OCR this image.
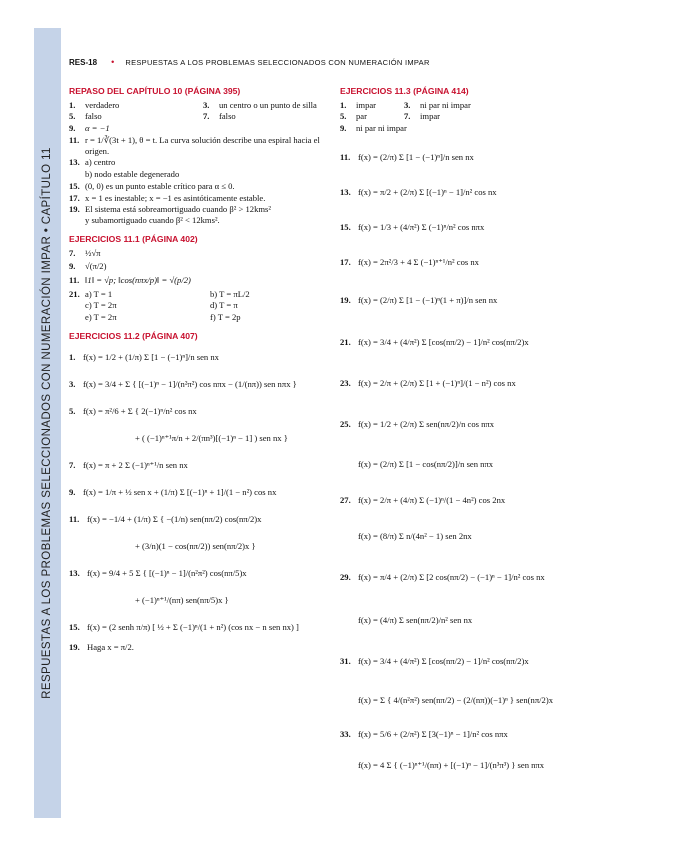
RESPUESTAS A LOS PROBLEMAS SELECCIONADOS CON NUMERACIÓN IMPAR • CAPÍTULO 11
RES-18 • RESPUESTAS A LOS PROBLEMAS SELECCIONADOS CON NUMERACIÓN IMPAR
REPASO DEL CAPÍTULO 10 (PÁGINA 395)
1.	verdadero	3.	un centro o un punto de silla
5.	falso	7.	falso
9.	α = −1
11. r = 1/∛(3t + 1), θ = t. La curva solución describe una espiral hacia el origen.
13. a) centro
b) nodo estable degenerado
15. (0, 0) es un punto estable crítico para α ≤ 0.
17. x = 1 es inestable; x = −1 es asintóticamente estable.
19. El sistema está sobreamortiguado cuando β² > 12kms²
y subamortiguado cuando β² < 12kms².
EJERCICIOS 11.1 (PÁGINA 402)
7.	½√π
9.	√(π/2)
11. ‖1‖ = √p; ‖cos(nπx/p)‖ = √(p/2)
21. a) T = 1	b) T = πL/2
c) T = 2π	d) T = π
e) T = 2π	f) T = 2p
EJERCICIOS 11.2 (PÁGINA 407)
1. f(x) = 1/2 + (1/π) Σ [1 − (−1)ⁿ]/n sen nx
3. f(x) = 3/4 + Σ { [(−1)ⁿ − 1]/(n²π²) cos nπx − (1/(nπ)) sen nπx }
5. f(x) = π²/6 + Σ { 2(−1)ⁿ/n² cos nx
+ ( (−1)ⁿ⁺¹π/n + 2/(πn³)[(−1)ⁿ − 1] ) sen nx }
7. f(x) = π + 2 Σ (−1)ⁿ⁺¹/n sen nx
9. f(x) = 1/π + ½ sen x + (1/π) Σ [(−1)ⁿ + 1]/(1 − n²) cos nx
11. f(x) = −1/4 + (1/π) Σ { −(1/n) sen(nπ/2) cos(nπ/2)x
+ (3/n)(1 − cos(nπ/2)) sen(nπ/2)x }
13. f(x) = 9/4 + 5 Σ { [(−1)ⁿ − 1]/(n²π²) cos(nπ/5)x
+ (−1)ⁿ⁺¹/(nπ) sen(nπ/5)x }
15. f(x) = (2 senh π/π) [ ½ + Σ (−1)ⁿ/(1 + n²) (cos nx − n sen nx) ]
19. Haga x = π/2.
EJERCICIOS 11.3 (PÁGINA 414)
1.	impar	3.	ni par ni impar
5.	par	7.	impar
9.	ni par ni impar
11. f(x) = (2/π) Σ [1 − (−1)ⁿ]/n sen nx
13. f(x) = π/2 + (2/π) Σ [(−1)ⁿ − 1]/n² cos nx
15. f(x) = 1/3 + (4/π²) Σ (−1)ⁿ/n² cos nπx
17. f(x) = 2π²/3 + 4 Σ (−1)ⁿ⁺¹/n² cos nx
19. f(x) = (2/π) Σ [1 − (−1)ⁿ(1 + π)]/n sen nx
21. f(x) = 3/4 + (4/π²) Σ [cos(nπ/2) − 1]/n² cos(nπ/2)x
23. f(x) = 2/π + (2/π) Σ [1 + (−1)ⁿ]/(1 − n²) cos nx
25. f(x) = 1/2 + (2/π) Σ sen(nπ/2)/n cos nπx
f(x) = (2/π) Σ [1 − cos(nπ/2)]/n sen nπx
27. f(x) = 2/π + (4/π) Σ (−1)ⁿ/(1 − 4n²) cos 2nx
f(x) = (8/π) Σ n/(4n² − 1) sen 2nx
29. f(x) = π/4 + (2/π) Σ [2 cos(nπ/2) − (−1)ⁿ − 1]/n² cos nx
f(x) = (4/π) Σ sen(nπ/2)/n² sen nx
31. f(x) = 3/4 + (4/π²) Σ [cos(nπ/2) − 1]/n² cos(nπ/2)x
f(x) = Σ { 4/(n²π²) sen(nπ/2) − (2/(nπ))(−1)ⁿ } sen(nπ/2)x
33. f(x) = 5/6 + (2/π²) Σ [3(−1)ⁿ − 1]/n² cos nπx
f(x) = 4 Σ { (−1)ⁿ⁺¹/(nπ) + [(−1)ⁿ − 1]/(n³π³) } sen nπx
